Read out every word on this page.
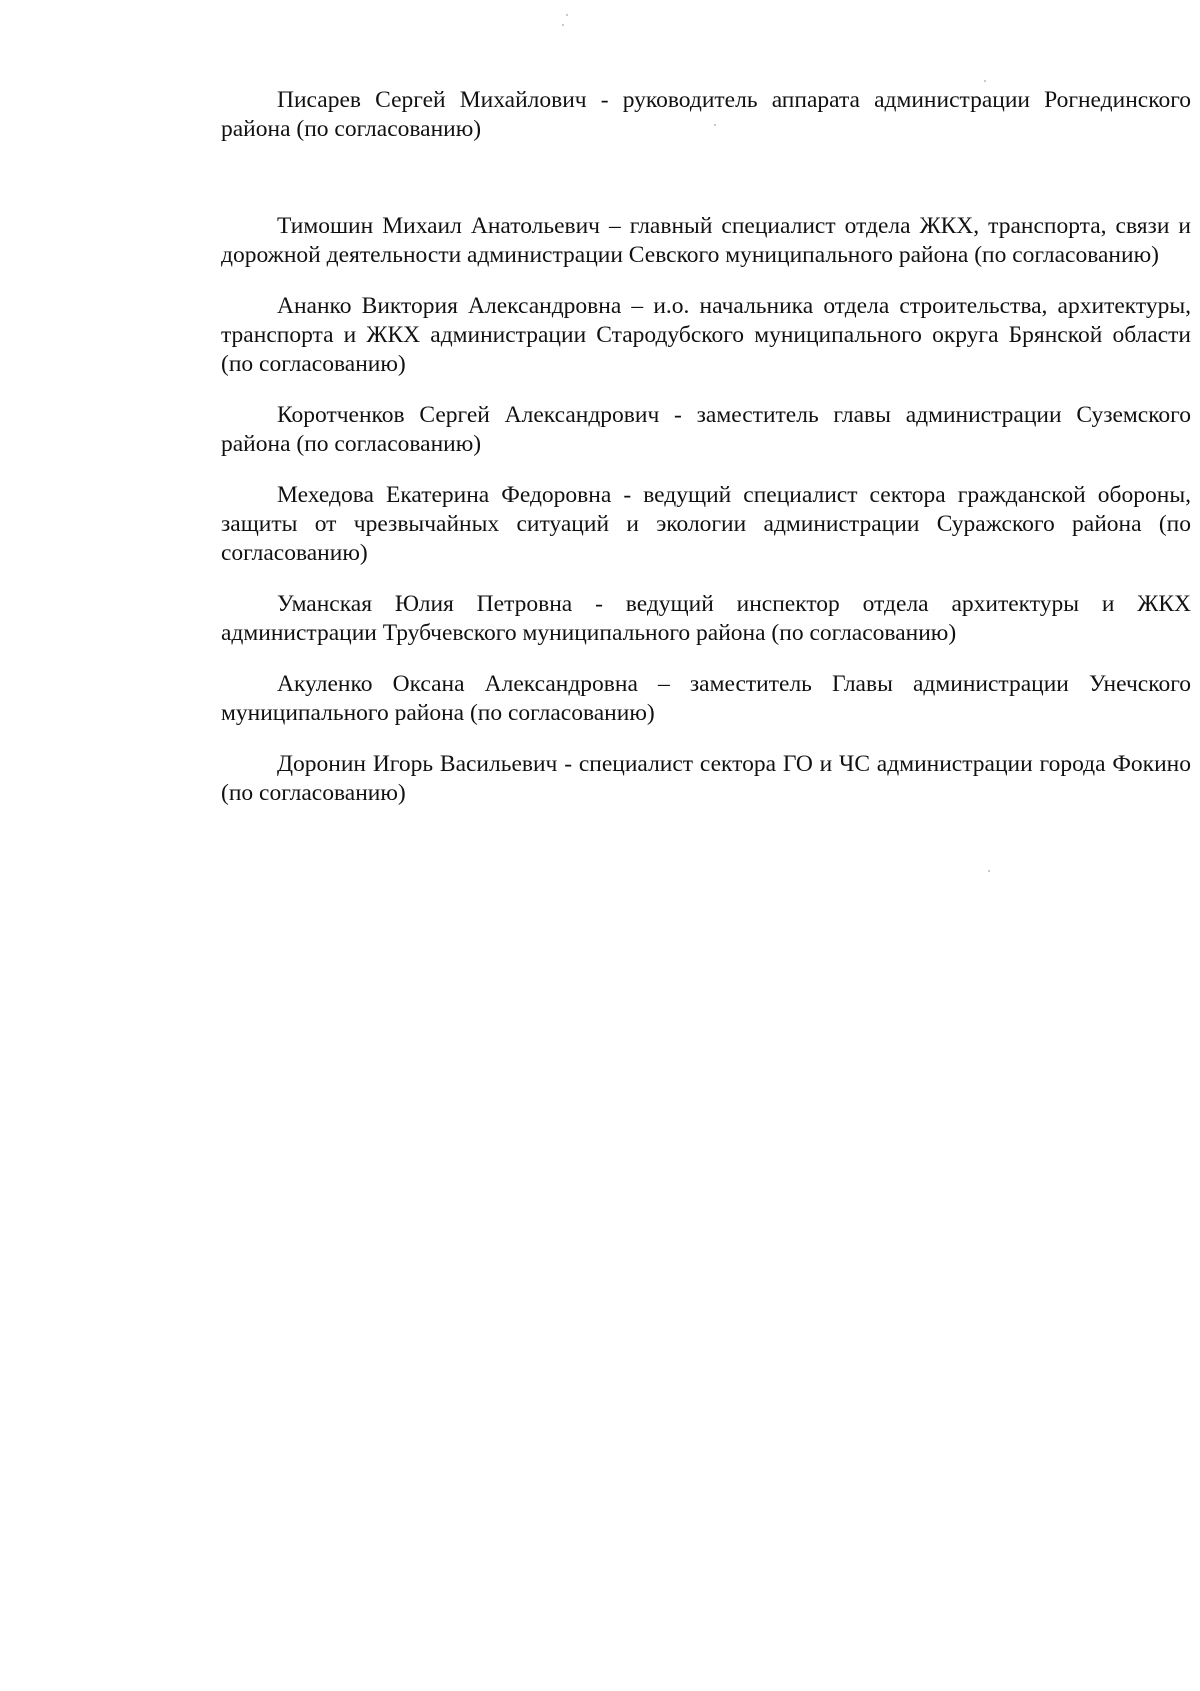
Писарев Сергей Михайлович - руководитель аппарата администрации Рогнединского района (по согласованию)

Тимошин Михаил Анатольевич – главный специалист отдела ЖКХ, транспорта, связи и дорожной деятельности администрации Севского муниципального района (по согласованию)

Ананко Виктория Александровна – и.о. начальника отдела строительства, архитектуры, транспорта и ЖКХ администрации Стародубского муниципального округа Брянской области (по согласованию)

Коротченков Сергей Александрович - заместитель главы администрации Суземского района (по согласованию)

Мехедова Екатерина Федоровна - ведущий специалист сектора гражданской обороны, защиты от чрезвычайных ситуаций и экологии администрации Суражского района (по согласованию)

Уманская Юлия Петровна - ведущий инспектор отдела архитектуры и ЖКХ администрации Трубчевского муниципального района (по согласованию)

Акуленко Оксана Александровна – заместитель Главы администрации Унечского муниципального района (по согласованию)

Доронин Игорь Васильевич - специалист сектора ГО и ЧС администрации города Фокино (по согласованию)
